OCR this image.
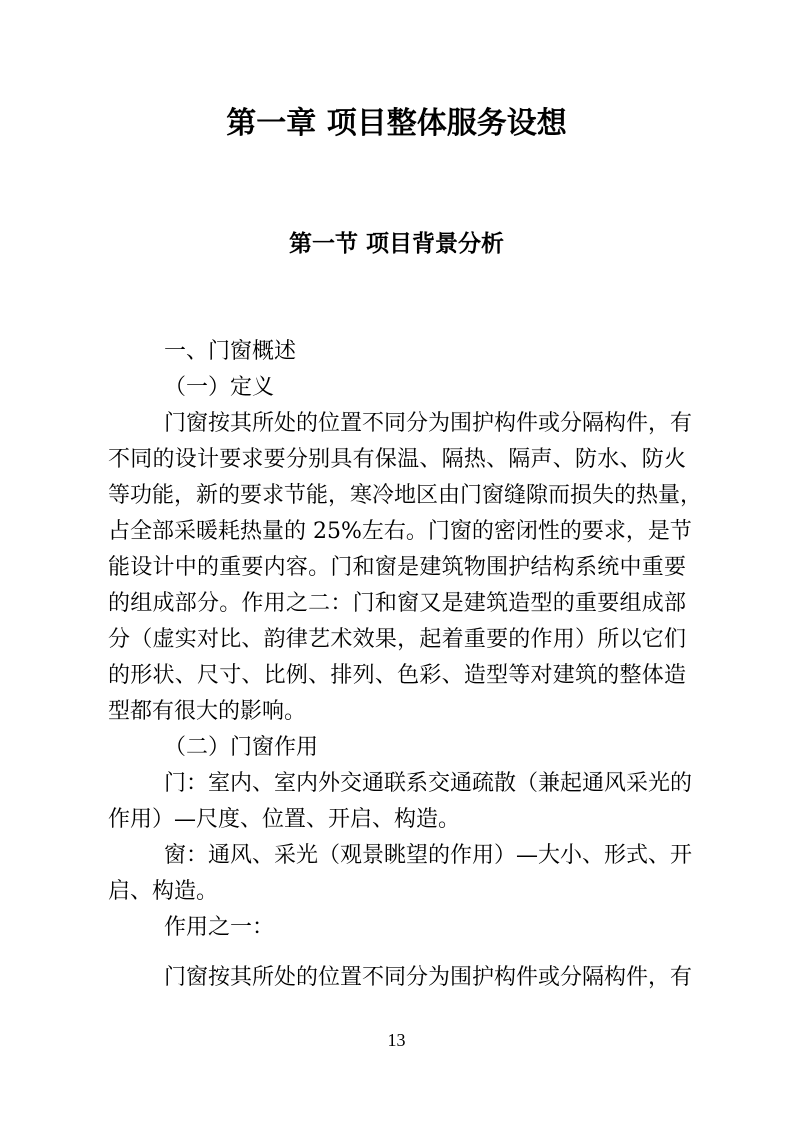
第一章 项目整体服务设想
第一节 项目背景分析
一、门窗概述
（一）定义
门窗按其所处的位置不同分为围护构件或分隔构件，有
不同的设计要求要分别具有保温、隔热、隔声、防水、防火
等功能，新的要求节能，寒冷地区由门窗缝隙而损失的热量，
占全部采暖耗热量的 25%左右。门窗的密闭性的要求，是节
能设计中的重要内容。门和窗是建筑物围护结构系统中重要
的组成部分。作用之二：门和窗又是建筑造型的重要组成部
分（虚实对比、韵律艺术效果，起着重要的作用）所以它们
的形状、尺寸、比例、排列、色彩、造型等对建筑的整体造
型都有很大的影响。
（二）门窗作用
门：室内、室内外交通联系交通疏散（兼起通风采光的
作用）—尺度、位置、开启、构造。
窗：通风、采光（观景眺望的作用）—大小、形式、开
启、构造。
作用之一：
门窗按其所处的位置不同分为围护构件或分隔构件，有
13
